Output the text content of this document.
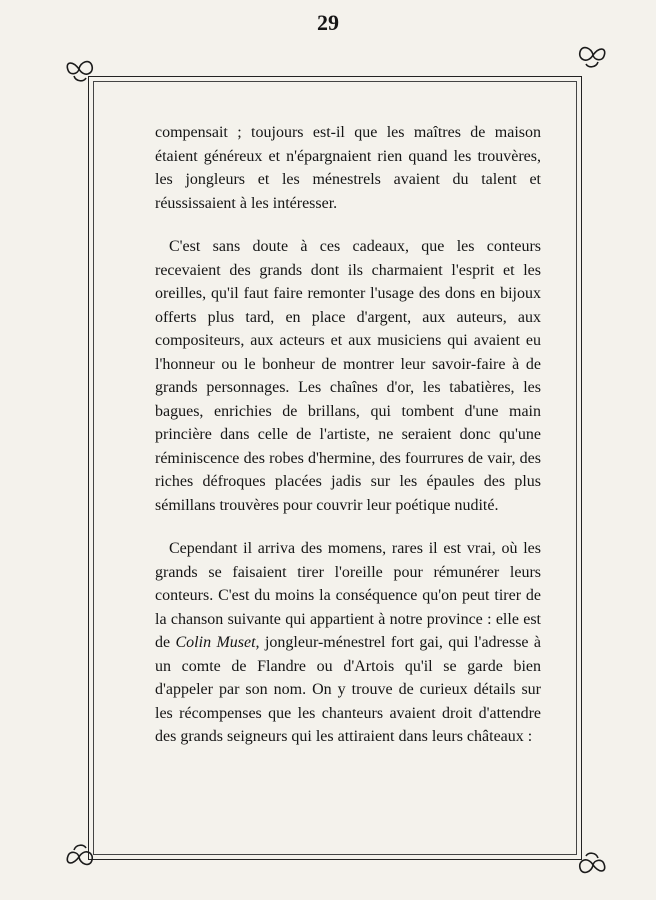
29

compensait ; toujours est-il que les maîtres de maison étaient généreux et n'épargnaient rien quand les trouvères, les jongleurs et les ménestrels avaient du talent et réussissaient à les intéresser.

C'est sans doute à ces cadeaux, que les conteurs recevaient des grands dont ils charmaient l'esprit et les oreilles, qu'il faut faire remonter l'usage des dons en bijoux offerts plus tard, en place d'argent, aux auteurs, aux compositeurs, aux acteurs et aux musiciens qui avaient eu l'honneur ou le bonheur de montrer leur savoir-faire à de grands personnages. Les chaînes d'or, les tabatières, les bagues, enrichies de brillans, qui tombent d'une main princière dans celle de l'artiste, ne seraient donc qu'une réminiscence des robes d'hermine, des fourrures de vair, des riches défroques placées jadis sur les épaules des plus sémillans trouvères pour couvrir leur poétique nudité.

Cependant il arriva des momens, rares il est vrai, où les grands se faisaient tirer l'oreille pour rémunérer leurs conteurs. C'est du moins la conséquence qu'on peut tirer de la chanson suivante qui appartient à notre province : elle est de Colin Muset, jongleur-ménestrel fort gai, qui l'adresse à un comte de Flandre ou d'Artois qu'il se garde bien d'appeler par son nom. On y trouve de curieux détails sur les récompenses que les chanteurs avaient droit d'attendre des grands seigneurs qui les attiraient dans leurs châteaux :
